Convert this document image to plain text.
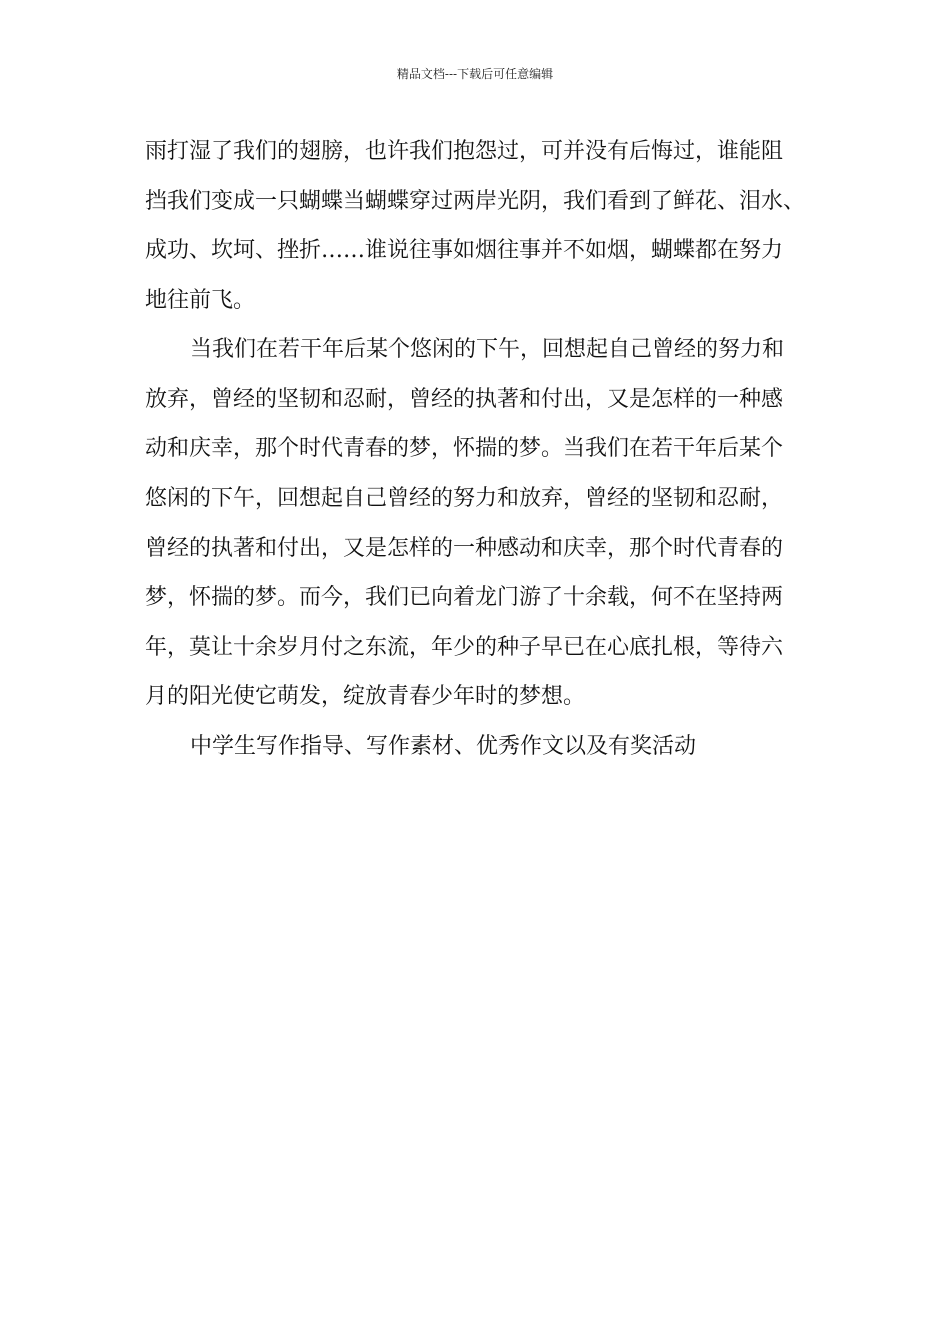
精品文档---下载后可任意编辑
雨打湿了我们的翅膀，也许我们抱怨过，可并没有后悔过，谁能阻
挡我们变成一只蝴蝶当蝴蝶穿过两岸光阴，我们看到了鲜花、泪水、
成功、坎坷、挫折……谁说往事如烟往事并不如烟，蝴蝶都在努力
地往前飞。
当我们在若干年后某个悠闲的下午，回想起自己曾经的努力和
放弃，曾经的坚韧和忍耐，曾经的执著和付出，又是怎样的一种感
动和庆幸，那个时代青春的梦，怀揣的梦。当我们在若干年后某个
悠闲的下午，回想起自己曾经的努力和放弃，曾经的坚韧和忍耐，
曾经的执著和付出，又是怎样的一种感动和庆幸，那个时代青春的
梦，怀揣的梦。而今，我们已向着龙门游了十余载，何不在坚持两
年，莫让十余岁月付之东流，年少的种子早已在心底扎根，等待六
月的阳光使它萌发，绽放青春少年时的梦想。
中学生写作指导、写作素材、优秀作文以及有奖活动
